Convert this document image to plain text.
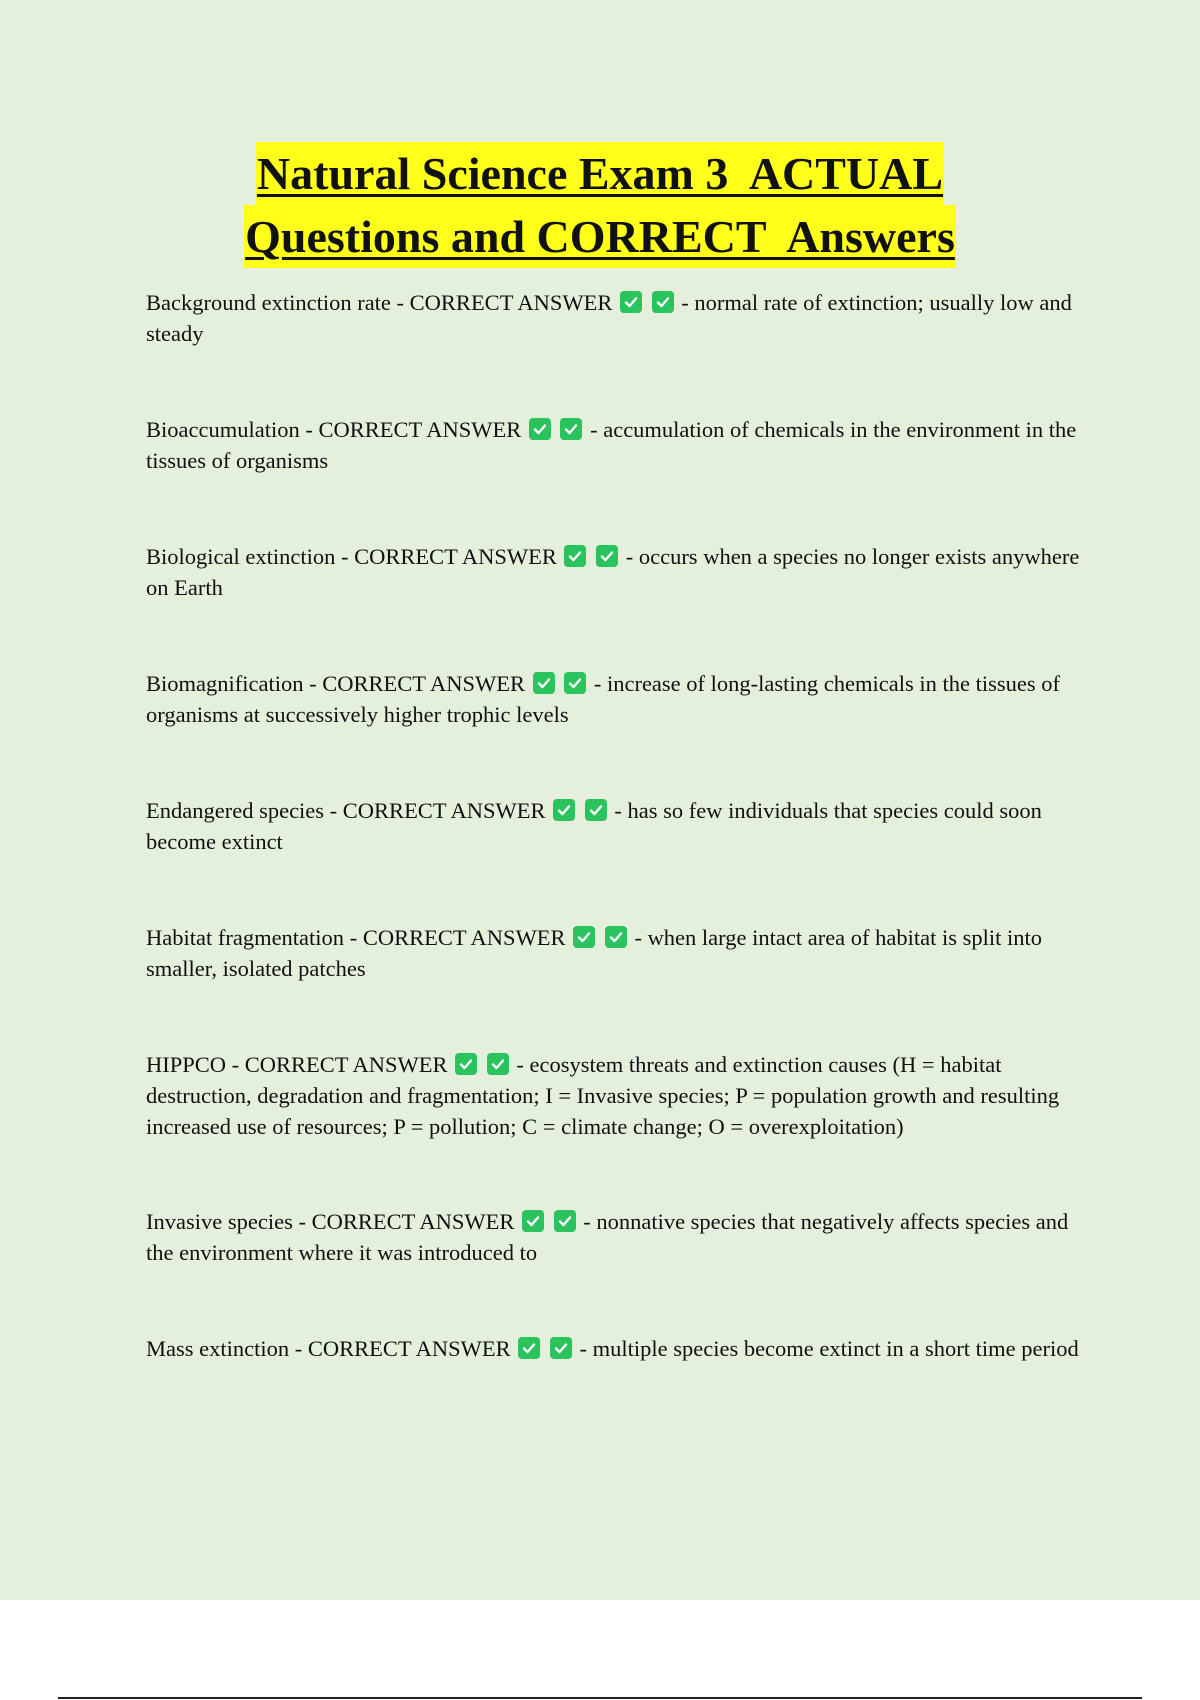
Natural Science Exam 3  ACTUAL
Questions and CORRECT  Answers

Background extinction rate - CORRECT ANSWER
	- normal rate of extinction; usually low and steady

Bioaccumulation - CORRECT ANSWER
	- accumulation of chemicals in the environment in the tissues of organisms

Biological extinction - CORRECT ANSWER
	- occurs when a species no longer exists anywhere on Earth

Biomagnification - CORRECT ANSWER
	- increase of long-lasting chemicals in the tissues of organisms at successively higher trophic levels

Endangered species - CORRECT ANSWER
	- has so few individuals that species could soon become extinct

Habitat fragmentation - CORRECT ANSWER
	- when large intact area of habitat is split into smaller, isolated patches

HIPPCO - CORRECT ANSWER
	- ecosystem threats and extinction causes (H = habitat destruction, degradation and fragmentation; I = Invasive species; P = population growth and resulting increased use of resources; P = pollution; C = climate change; O = overexploitation)

Invasive species - CORRECT ANSWER
	- nonnative species that negatively affects species and the environment where it was introduced to

Mass extinction - CORRECT ANSWER
	- multiple species become extinct in a short time period
